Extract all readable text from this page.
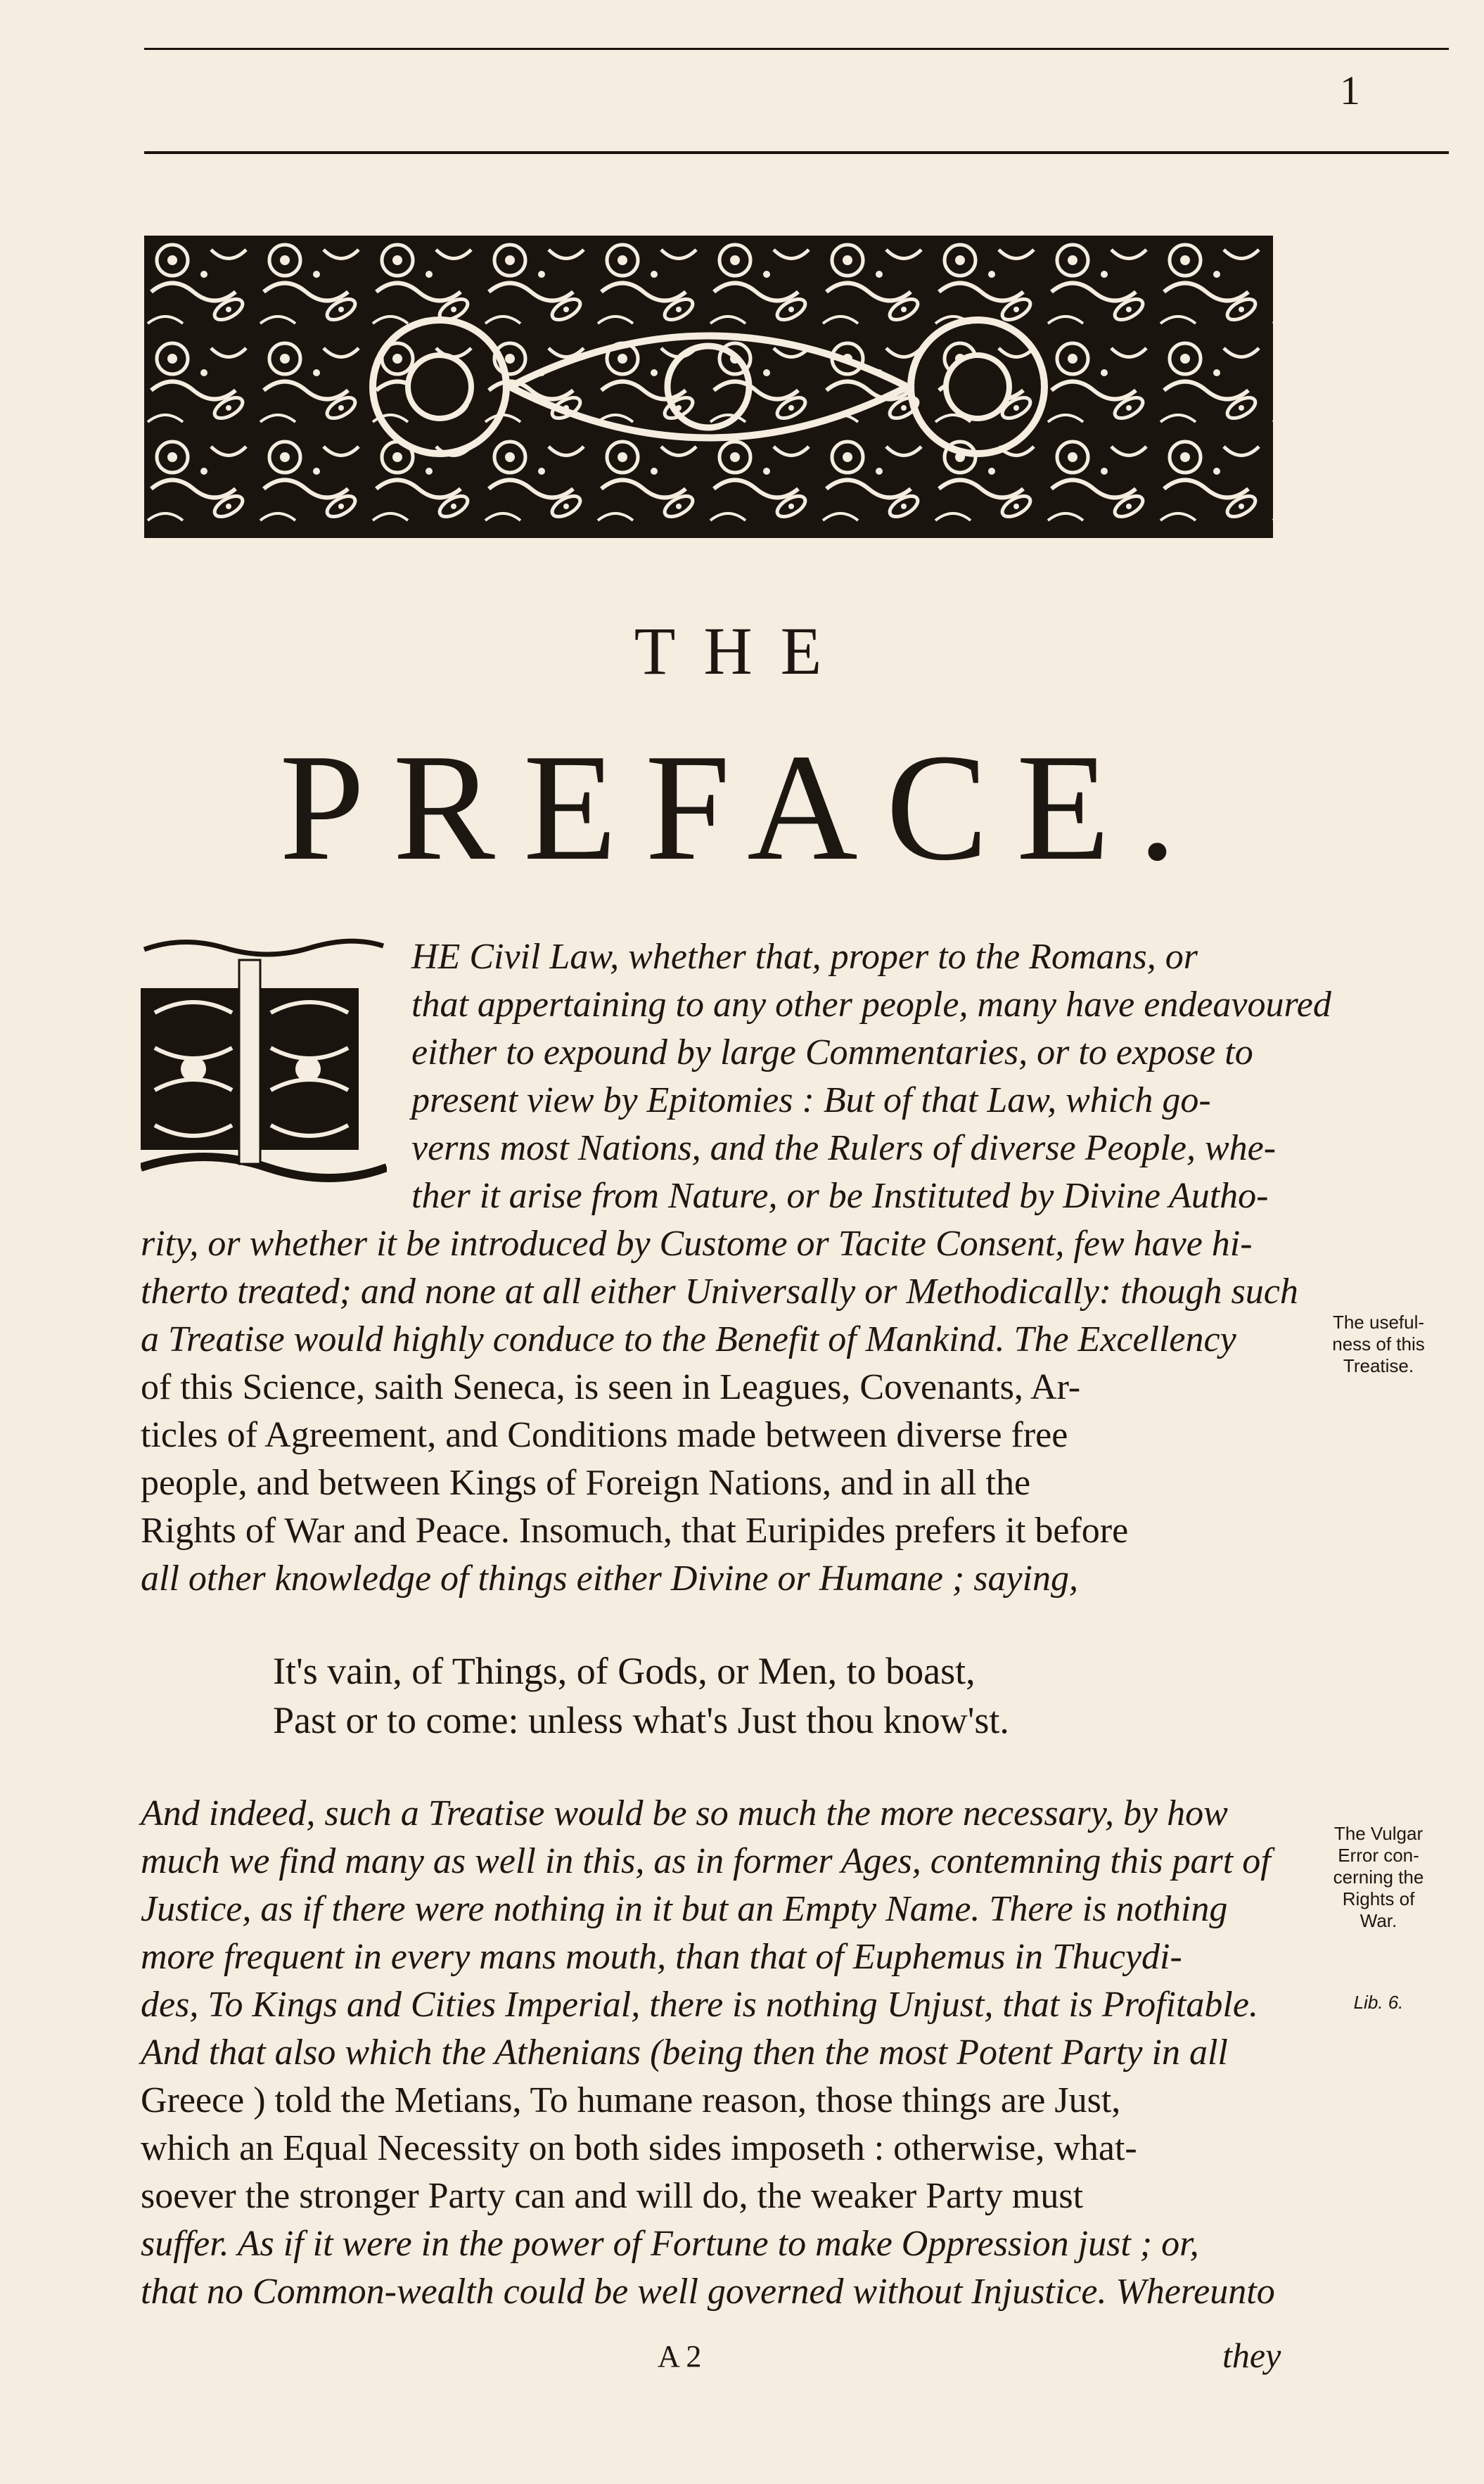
1
THE
PREFACE.
HE Civil Law, whether that, proper to the Romans, or
that appertaining to any other people, many have endeavoured
either to expound by large Commentaries, or to expose to
present view by Epitomies : But of that Law, which go-
verns most Nations, and the Rulers of diverse People, whe-
ther it arise from Nature, or be Instituted by Divine Autho-
rity, or whether it be introduced by Custome or Tacite Consent, few have hi-
therto treated; and none at all either Universally or Methodically: though such
a Treatise would highly conduce to the Benefit of Mankind. The Excellency
of this Science, saith Seneca, is seen in Leagues, Covenants, Ar-
ticles of Agreement, and Conditions made between diverse free
people, and between Kings of Foreign Nations, and in all the
Rights of War and Peace. Insomuch, that Euripides prefers it before
all other knowledge of things either Divine or Humane ; saying,
It's vain, of Things, of Gods, or Men, to boast,
Past or to come: unless what's Just thou know'st.
And indeed, such a Treatise would be so much the more necessary, by how
much we find many as well in this, as in former Ages, contemning this part of
Justice, as if there were nothing in it but an Empty Name. There is nothing
more frequent in every mans mouth, than that of Euphemus in Thucydi-
des, To Kings and Cities Imperial, there is nothing Unjust, that is Profitable.
And that also which the Athenians (being then the most Potent Party in all
Greece ) told the Metians, To humane reason, those things are Just,
which an Equal Necessity on both sides imposeth : otherwise, what-
soever the stronger Party can and will do, the weaker Party must
suffer. As if it were in the power of Fortune to make Oppression just ; or,
that no Common-wealth could be well governed without Injustice. Whereunto
The useful-
ness of this
Treatise.
The Vulgar
Error con-
cerning the
Rights of
War.
Lib. 6.
A 2	they
